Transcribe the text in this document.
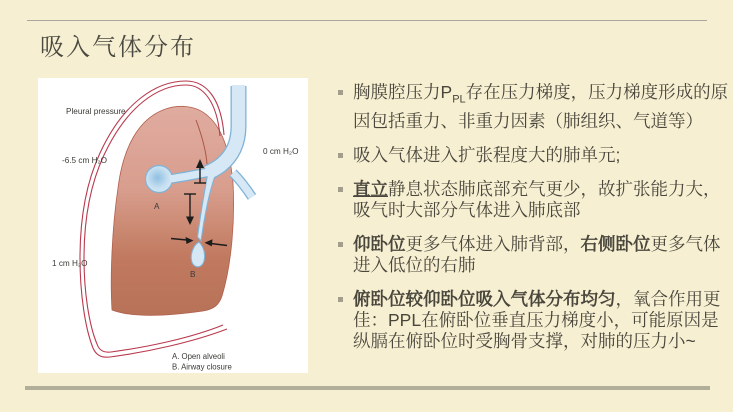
吸入气体分布
Pleural pressure
-6.5 cm H₂O
0 cm H₂O
1 cm H₂O
A
B
A. Open alveoli
B. Airway closure
胸膜腔压力$P_{PL}$存在压力梯度，压力梯度形成的原因包括重力、非重力因素（肺组织、气道等）
吸入气体进入扩张程度大的肺单元;
直立静息状态肺底部充气更少，故扩张能力大，吸气时大部分气体进入肺底部
仰卧位更多气体进入肺背部，右侧卧位更多气体进入低位的右肺
俯卧位较仰卧位吸入气体分布均匀，氧合作用更佳：PPL在俯卧位垂直压力梯度小，可能原因是纵膈在俯卧位时受胸骨支撑，对肺的压力小~
